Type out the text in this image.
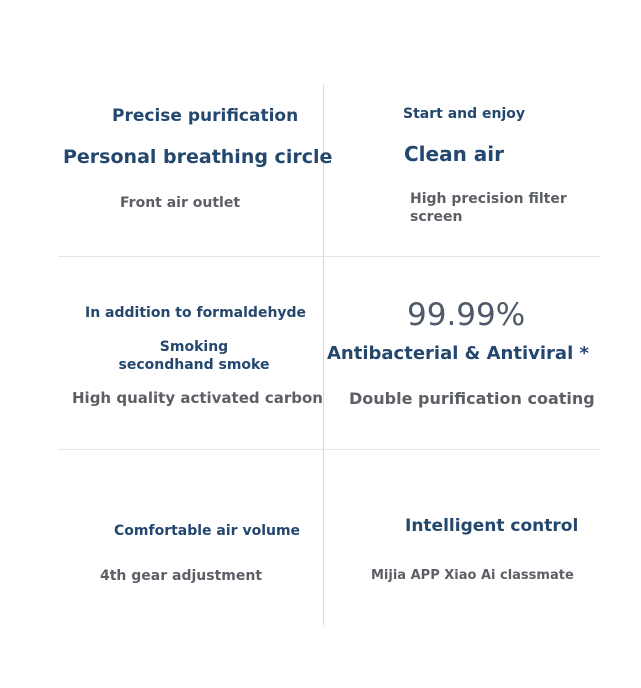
Precise purification
Personal breathing circle
Front air outlet
Start and enjoy
Clean air
High precision filter screen
In addition to formaldehyde
Smoking secondhand smoke
High quality activated carbon
99.99%
Antibacterial & Antiviral *
Double purification coating
Comfortable air volume
4th gear adjustment
Intelligent control
Mijia APP Xiao Ai classmate
